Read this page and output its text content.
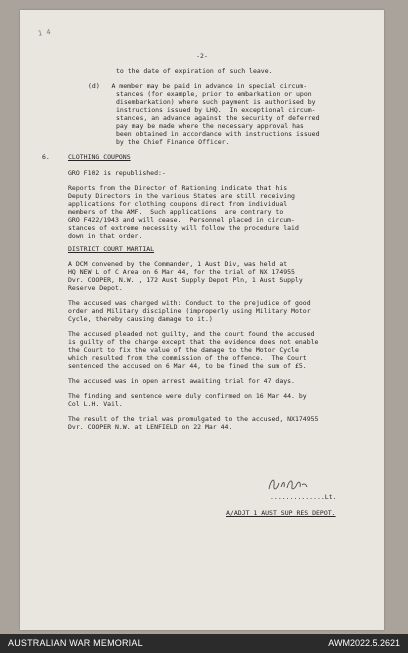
1 4
-2-
to the date of expiration of such leave.
(d)   A member may be paid in advance in special circum-
stances (for example, prior to embarkation or upon
disembarkation) where such payment is authorised by
instructions issued by LHQ.  In exceptional circum-
stances, an advance against the security of deferred
pay may be made where the necessary approval has
been obtained in accordance with instructions issued
by the Chief Finance Officer.
6.	CLOTHING COUPONS
GRO F102 is republished:-
Reports from the Director of Rationing indicate that his
Deputy Directors in the various States are still receiving
applications for clothing coupons direct from individual
members of the AMF.  Such applications  are contrary to
GRO F422/1943 and will cease.  Personnel placed in circum-
stances of extreme necessity will follow the procedure laid
down in that order.
DISTRICT COURT MARTIAL
A DCM convened by the Commander, 1 Aust Div, was held at
HQ NEW L of C Area on 6 Mar 44, for the trial of NX 174955
Dvr. COOPER, N.W. , 172 Aust Supply Depot Pln, 1 Aust Supply
Reserve Depot.
The accused was charged with: Conduct to the prejudice of good
order and Military discipline (improperly using Military Motor
Cycle, thereby causing damage to it.)
The accused pleaded not guilty, and the court found the accused
is guilty of the charge except that the evidence does not enable
the Court to fix the value of the damage to the Motor Cycle
which resulted from the commission of the offence.  The Court
sentenced the accused on 6 Mar 44, to be fined the sum of £5.
The accused was in open arrest awaiting trial for 47 days.
The finding and sentence were duly confirmed on 16 Mar 44. by
Col L.H. Vail.
The result of the trial was promulgated to the accused, NX174955
Dvr. COOPER N.W. at LENFIELD on 22 Mar 44.
..............Lt.
A/ADJT 1 AUST SUP RES DEPOT.
AUSTRALIAN WAR MEMORIAL	AWM2022.5.2621
